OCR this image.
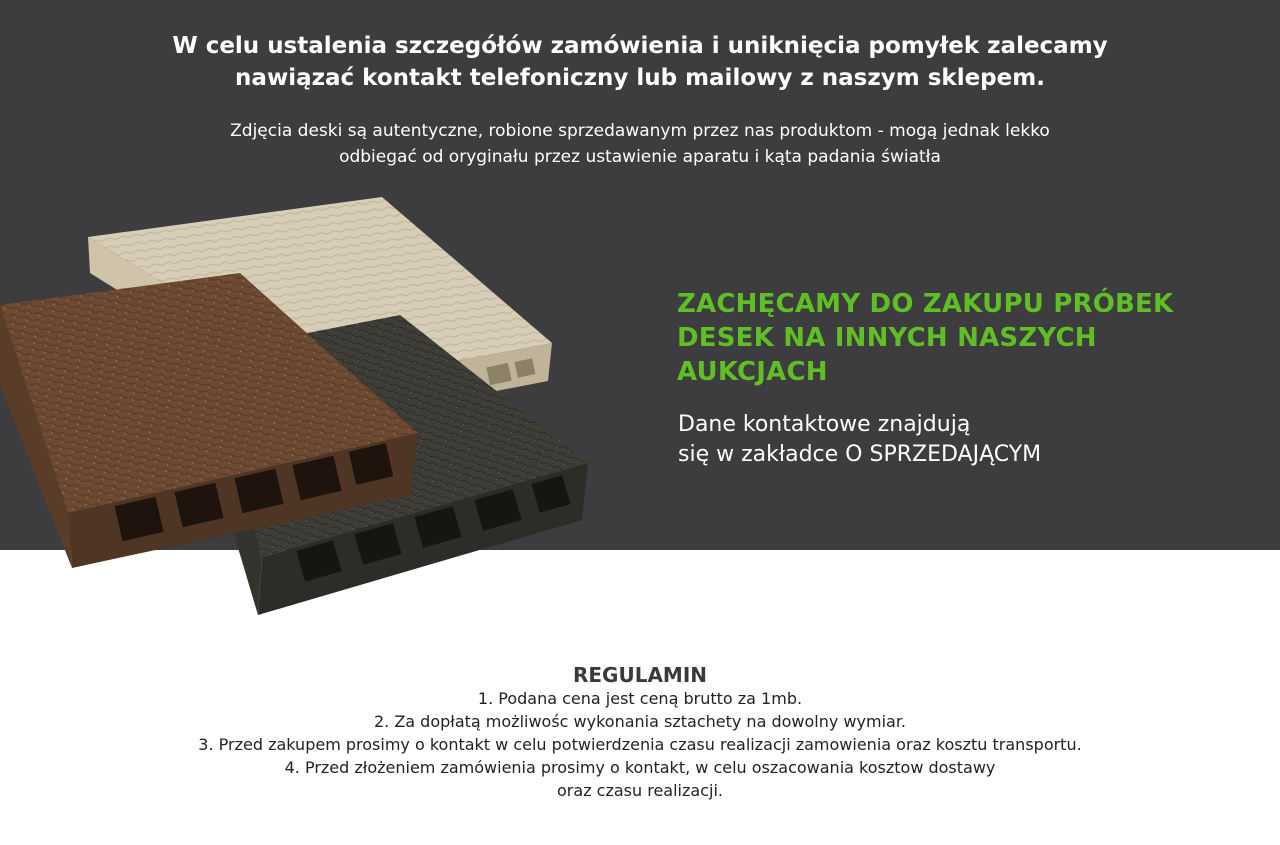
W celu ustalenia szczegółów zamówienia i uniknięcia pomyłek zalecamy
nawiązać kontakt telefoniczny lub mailowy z naszym sklepem.

Zdjęcia deski są autentyczne, robione sprzedawanym przez nas produktom - mogą jednak lekko
odbiegać od oryginału przez ustawienie aparatu i kąta padania światła

ZACHĘCAMY DO ZAKUPU PRÓBEK
DESEK NA INNYCH NASZYCH
AUKCJACH

Dane kontaktowe znajdują
się w zakładce O SPRZEDAJĄCYM

REGULAMIN

1. Podana cena jest ceną brutto za 1mb.
2. Za dopłatą możliwośc wykonania sztachety na dowolny wymiar.
3. Przed zakupem prosimy o kontakt w celu potwierdzenia czasu realizacji zamowienia oraz kosztu transportu.
4. Przed złożeniem zamówienia prosimy o kontakt, w celu oszacowania kosztow dostawy
oraz czasu realizacji.
